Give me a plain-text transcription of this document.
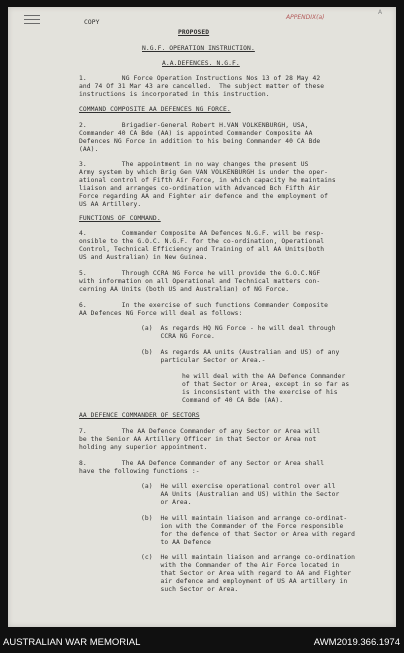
COPY
APPENDIX(a)
A
PROPOSED
N.G.F. OPERATION INSTRUCTION.
A.A.DEFENCES. N.G.F.
1.         NG Force Operation Instructions Nos 13 of 28 May 42
and 74 Of 31 Mar 43 are cancelled.  The subject matter of these
instructions is incorporated in this instruction.
COMMAND COMPOSITE AA DEFENCES NG FORCE.
2.         Brigadier-General Robert H.VAN VOLKENBURGH, USA,
Commander 40 CA Bde (AA) is appointed Commander Composite AA
Defences NG Force in addition to his being Commander 40 CA Bde
(AA).
3.         The appointment in no way changes the present US
Army system by which Brig Gen VAN VOLKENBURGH is under the oper-
ational control of Fifth Air Force, in which capacity he maintains
liaison and arranges co-ordination with Advanced Bch Fifth Air
Force regarding AA and Fighter air defence and the employment of
US AA Artillery.
FUNCTIONS OF COMMAND.
4.         Commander Composite AA Defences N.G.F. will be resp-
onsible to the G.O.C. N.G.F. for the co-ordination, Operational
Control, Technical Efficiency and Training of all AA Units(both
US and Australian) in New Guinea.
5.         Through CCRA NG Force he will provide the G.O.C.NGF
with information on all Operational and Technical matters con-
cerning AA Units (both US and Australian) of NG Force.
6.         In the exercise of such functions Commander Composite
AA Defences NG Force will deal as follows:
(a)  As regards HQ NG Force - he will deal through
CCRA NG Force.
(b)  As regards AA units (Australian and US) of any
particular Sector or Area.-
he will deal with the AA Defence Commander
of that Sector or Area, except in so far as
is inconsistent with the exercise of his
Command of 40 CA Bde (AA).
AA DEFENCE COMMANDER OF SECTORS
7.         The AA Defence Commander of any Sector or Area will
be the Senior AA Artillery Officer in that Sector or Area not
holding any superior appointment.
8.         The AA Defence Commander of any Sector or Area shall
have the following functions :-
(a)  He will exercise operational control over all
AA Units (Australian and US) within the Sector
or Area.
(b)  He will maintain liaison and arrange co-ordinat-
ion with the Commander of the Force responsible
for the defence of that Sector or Area with regard
to AA Defence
(c)  He will maintain liaison and arrange co-ordination
with the Commander of the Air Force located in
that Sector or Area with regard to AA and Fighter
air defence and employment of US AA artillery in
such Sector or Area.
AUSTRALIAN WAR MEMORIAL	AWM2019.366.1974
